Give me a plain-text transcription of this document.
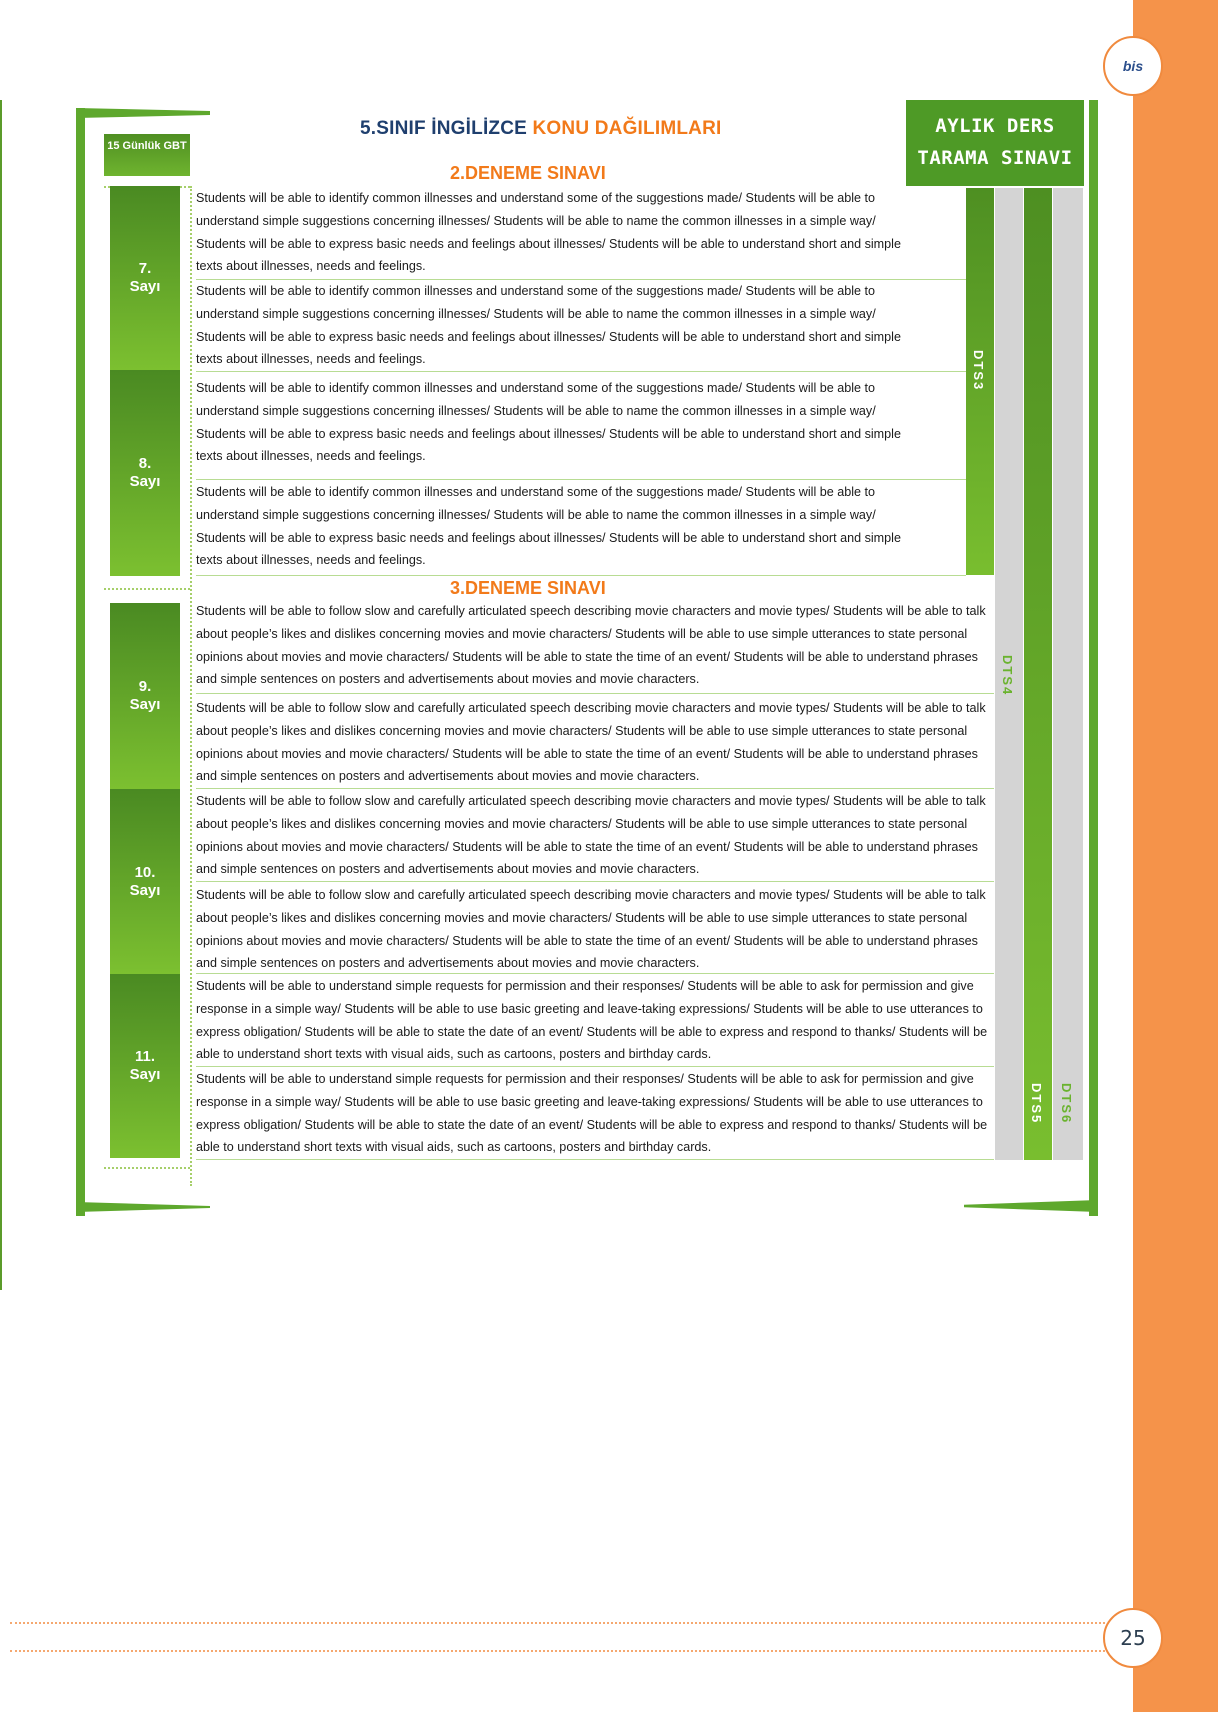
bis
15 Günlük GBT
5.SINIF İNGİLİZCE KONU DAĞILIMLARI
2.DENEME SINAVI
3.DENEME SINAVI
AYLIK DERS TARAMA SINAVI
DTS3
DTS4
DTS5 DTS6
7. Sayı
8. Sayı
9. Sayı
10. Sayı
11. Sayı
Students will be able to identify common illnesses and understand some of the suggestions made/ Students will be able to understand simple suggestions concerning illnesses/ Students will be able to name the common illnesses in a simple way/ Students will be able to express basic needs and feelings about illnesses/ Students will be able to understand short and simple texts about illnesses, needs and feelings.
Students will be able to identify common illnesses and understand some of the suggestions made/ Students will be able to understand simple suggestions concerning illnesses/ Students will be able to name the common illnesses in a simple way/ Students will be able to express basic needs and feelings about illnesses/ Students will be able to understand short and simple texts about illnesses, needs and feelings.
Students will be able to identify common illnesses and understand some of the suggestions made/ Students will be able to understand simple suggestions concerning illnesses/ Students will be able to name the common illnesses in a simple way/ Students will be able to express basic needs and feelings about illnesses/ Students will be able to understand short and simple texts about illnesses, needs and feelings.
Students will be able to identify common illnesses and understand some of the suggestions made/ Students will be able to understand simple suggestions concerning illnesses/ Students will be able to name the common illnesses in a simple way/ Students will be able to express basic needs and feelings about illnesses/ Students will be able to understand short and simple texts about illnesses, needs and feelings.
Students will be able to follow slow and carefully articulated speech describing movie characters and movie types/ Students will be able to talk about people’s likes and dislikes concerning movies and movie characters/ Students will be able to use simple utterances to state personal opinions about movies and movie characters/ Students will be able to state the time of an event/ Students will be able to understand phrases and simple sentences on posters and advertisements about movies and movie characters.
Students will be able to follow slow and carefully articulated speech describing movie characters and movie types/ Students will be able to talk about people’s likes and dislikes concerning movies and movie characters/ Students will be able to use simple utterances to state personal opinions about movies and movie characters/ Students will be able to state the time of an event/ Students will be able to understand phrases and simple sentences on posters and advertisements about movies and movie characters.
Students will be able to follow slow and carefully articulated speech describing movie characters and movie types/ Students will be able to talk about people’s likes and dislikes concerning movies and movie characters/ Students will be able to use simple utterances to state personal opinions about movies and movie characters/ Students will be able to state the time of an event/ Students will be able to understand phrases and simple sentences on posters and advertisements about movies and movie characters.
Students will be able to follow slow and carefully articulated speech describing movie characters and movie types/ Students will be able to talk about people’s likes and dislikes concerning movies and movie characters/ Students will be able to use simple utterances to state personal opinions about movies and movie characters/ Students will be able to state the time of an event/ Students will be able to understand phrases and simple sentences on posters and advertisements about movies and movie characters.
Students will be able to understand simple requests for permission and their responses/ Students will be able to ask for permission and give response in a simple way/ Students will be able to use basic greeting and leave-taking expressions/ Students will be able to use utterances to express obligation/ Students will be able to state the date of an event/ Students will be able to express and respond to thanks/ Students will be able to understand short texts with visual aids, such as cartoons, posters and birthday cards.
Students will be able to understand simple requests for permission and their responses/ Students will be able to ask for permission and give response in a simple way/ Students will be able to use basic greeting and leave-taking expressions/ Students will be able to use utterances to express obligation/ Students will be able to state the date of an event/ Students will be able to express and respond to thanks/ Students will be able to understand short texts with visual aids, such as cartoons, posters and birthday cards.
25
